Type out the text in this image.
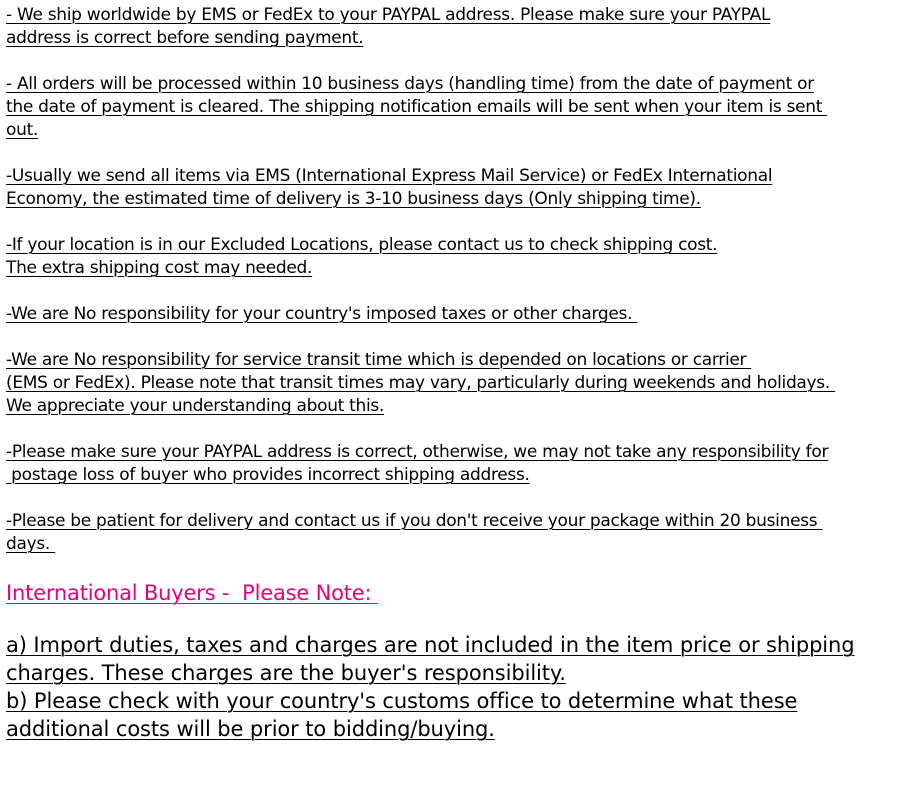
- We ship worldwide by EMS or FedEx to your PAYPAL address. Please make sure your PAYPAL
address is correct before sending payment.
- All orders will be processed within 10 business days (handling time) from the date of payment or
the date of payment is cleared. The shipping notification emails will be sent when your item is sent
out.
-Usually we send all items via EMS (International Express Mail Service) or FedEx International
Economy, the estimated time of delivery is 3-10 business days (Only shipping time).
-If your location is in our Excluded Locations, please contact us to check shipping cost.
The extra shipping cost may needed.
-We are No responsibility for your country's imposed taxes or other charges.
-We are No responsibility for service transit time which is depended on locations or carrier
(EMS or FedEx). Please note that transit times may vary, particularly during weekends and holidays.
We appreciate your understanding about this.
-Please make sure your PAYPAL address is correct, otherwise, we may not take any responsibility for
postage loss of buyer who provides incorrect shipping address.
-Please be patient for delivery and contact us if you don't receive your package within 20 business
days.
International Buyers -  Please Note:
a) Import duties, taxes and charges are not included in the item price or shipping
charges. These charges are the buyer's responsibility.
b) Please check with your country's customs office to determine what these
additional costs will be prior to bidding/buying.
